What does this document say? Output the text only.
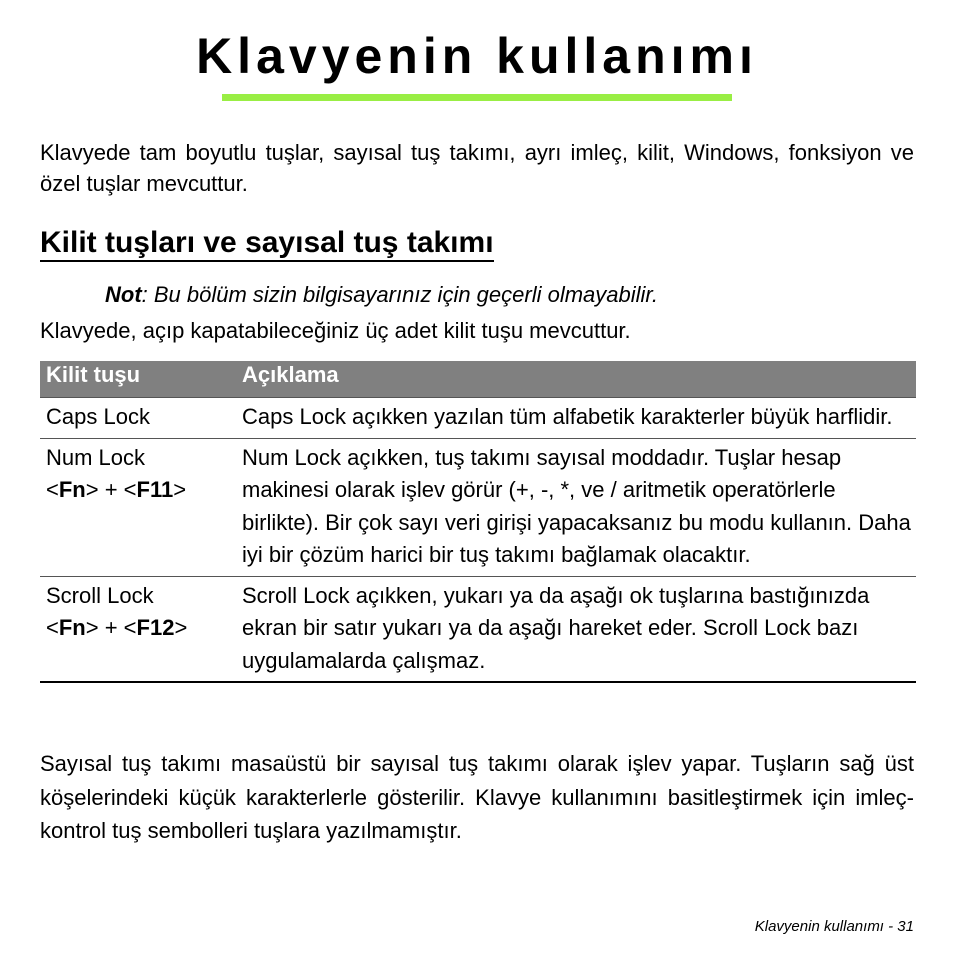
Klavyenin kullanımı

Klavyede tam boyutlu tuşlar, sayısal tuş takımı, ayrı imleç, kilit, Windows, fonksiyon ve özel tuşlar mevcuttur.

Kilit tuşları ve sayısal tuş takımı

Not: Bu bölüm sizin bilgisayarınız için geçerli olmayabilir.

Klavyede, açıp kapatabileceğiniz üç adet kilit tuşu mevcuttur.

Kilit tuşu	Açıklama

Caps Lock	Caps Lock açıkken yazılan tüm alfabetik karakterler büyük harflidir.

Num Lock
<Fn> + <F11>	Num Lock açıkken, tuş takımı sayısal moddadır. Tuşlar hesap makinesi olarak işlev görür (+, -, *, ve / aritmetik operatörlerle birlikte). Bir çok sayı veri girişi yapacaksanız bu modu kullanın. Daha iyi bir çözüm harici bir tuş takımı bağlamak olacaktır.

Scroll Lock
<Fn> + <F12>	Scroll Lock açıkken, yukarı ya da aşağı ok tuşlarına bastığınızda ekran bir satır yukarı ya da aşağı hareket eder. Scroll Lock bazı uygulamalarda çalışmaz.

Sayısal tuş takımı masaüstü bir sayısal tuş takımı olarak işlev yapar. Tuşların sağ üst köşelerindeki küçük karakterlerle gösterilir. Klavye kullanımını basitleştirmek için imleç-kontrol tuş sembolleri tuşlara yazılmamıştır.

Klavyenin kullanımı - 31
